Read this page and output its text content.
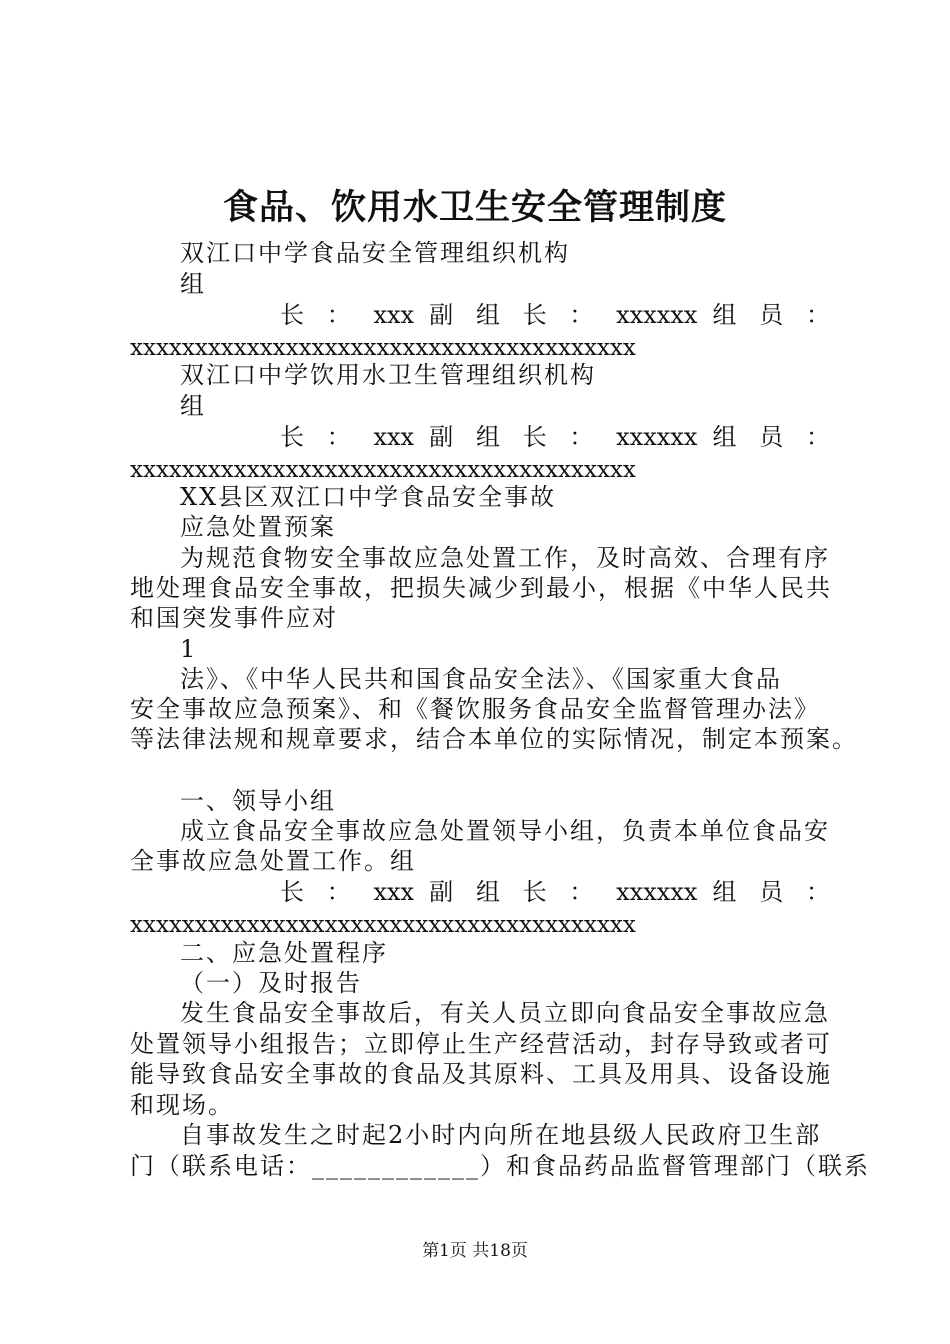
食品、饮用水卫生安全管理制度
双江口中学食品安全管理组织机构
组
长 ： xxx 副 组 长 ： xxxxxx 组 员 ：
xxxxxxxxxxxxxxxxxxxxxxxxxxxxxxxxxxxxxxx
双江口中学饮用水卫生管理组织机构
组
长 ： xxx 副 组 长 ： xxxxxx 组 员 ：
xxxxxxxxxxxxxxxxxxxxxxxxxxxxxxxxxxxxxxx
XX县区双江口中学食品安全事故
应急处置预案
为规范食物安全事故应急处置工作，及时高效、合理有序
地处理食品安全事故，把损失减少到最小，根据《中华人民共
和国突发事件应对
1
法》、《中华人民共和国食品安全法》、《国家重大食品
安全事故应急预案》、和《餐饮服务食品安全监督管理办法》
等法律法规和规章要求，结合本单位的实际情况，制定本预案。
一、领导小组
成立食品安全事故应急处置领导小组，负责本单位食品安
全事故应急处置工作。组
长 ： xxx 副 组 长 ： xxxxxx 组 员 ：
xxxxxxxxxxxxxxxxxxxxxxxxxxxxxxxxxxxxxxx
二、应急处置程序
（一）及时报告
发生食品安全事故后，有关人员立即向食品安全事故应急
处置领导小组报告；立即停止生产经营活动，封存导致或者可
能导致食品安全事故的食品及其原料、工具及用具、设备设施
和现场。
自事故发生之时起2小时内向所在地县级人民政府卫生部
门（联系电话：____________）和食品药品监督管理部门（联系
第1页 共18页
